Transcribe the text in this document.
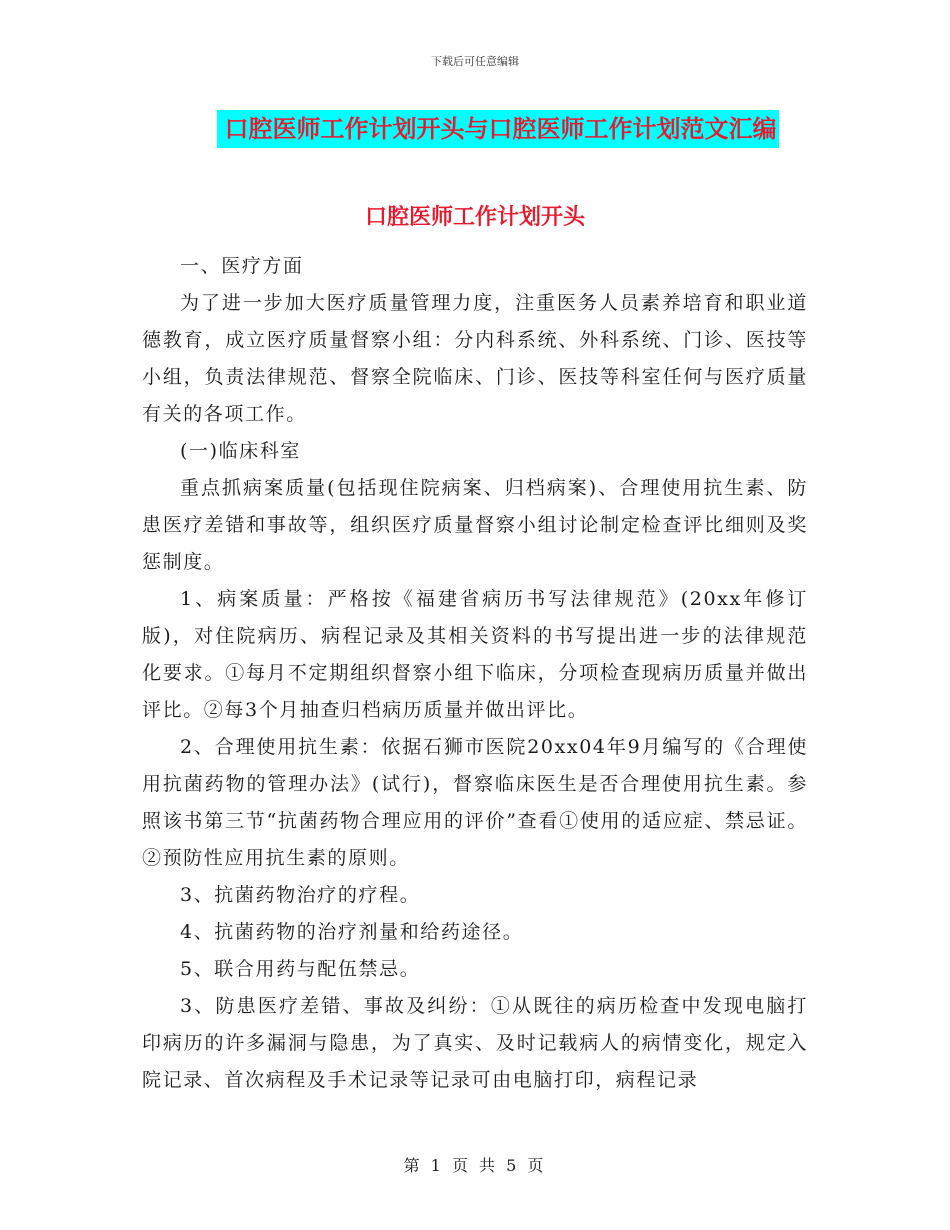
下载后可任意编辑
口腔医师工作计划开头与口腔医师工作计划范文汇编
口腔医师工作计划开头

一、医疗方面

为了进一步加大医疗质量管理力度，注重医务人员素养培育和职业道德教育，成立医疗质量督察小组：分内科系统、外科系统、门诊、医技等小组，负责法律规范、督察全院临床、门诊、医技等科室任何与医疗质量有关的各项工作。

(一)临床科室

重点抓病案质量(包括现住院病案、归档病案)、合理使用抗生素、防患医疗差错和事故等，组织医疗质量督察小组讨论制定检查评比细则及奖惩制度。

1、病案质量：严格按《福建省病历书写法律规范》(20xx年修订版)，对住院病历、病程记录及其相关资料的书写提出进一步的法律规范化要求。①每月不定期组织督察小组下临床，分项检查现病历质量并做出评比。②每3个月抽查归档病历质量并做出评比。

2、合理使用抗生素：依据石狮市医院20xx04年9月编写的《合理使用抗菌药物的管理办法》(试行)，督察临床医生是否合理使用抗生素。参照该书第三节“抗菌药物合理应用的评价”查看①使用的适应症、禁忌证。②预防性应用抗生素的原则。

3、抗菌药物治疗的疗程。

4、抗菌药物的治疗剂量和给药途径。

5、联合用药与配伍禁忌。

3、防患医疗差错、事故及纠纷：①从既往的病历检查中发现电脑打印病历的许多漏洞与隐患，为了真实、及时记载病人的病情变化，规定入院记录、首次病程及手术记录等记录可由电脑打印，病程记录

第 1 页 共 5 页
